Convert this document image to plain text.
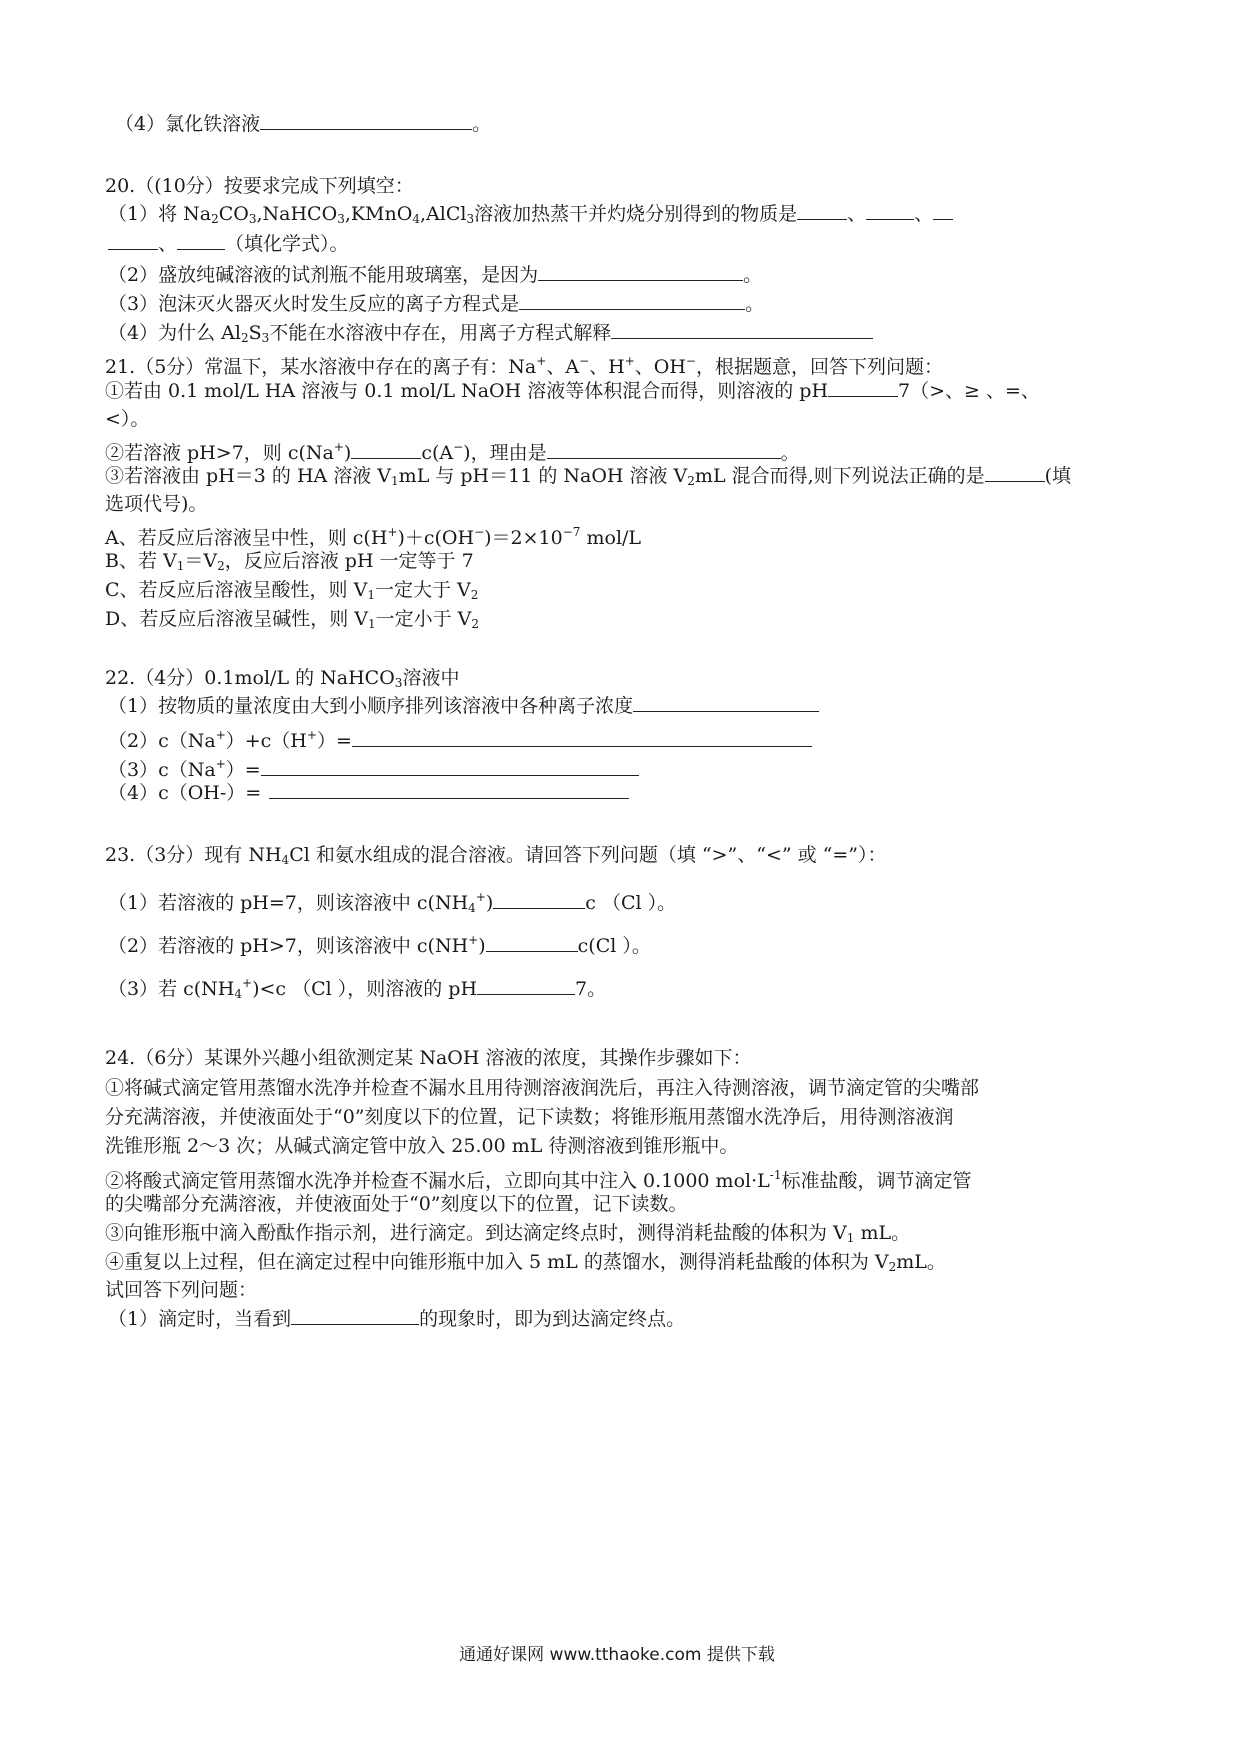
（4）氯化铁溶液	。
20.（(10分）按要求完成下列填空：
（1）将 $Na_2CO_3,NaHCO_3,KMnO_4,AlCl_3$溶液加热蒸干并灼烧分别得到的物质是	、	、
、	（填化学式）。
（2）盛放纯碱溶液的试剂瓶不能用玻璃塞，是因为	。
（3）泡沫灭火器灭火时发生反应的离子方程式是	。
（4）为什么 $Al_2S_3$不能在水溶液中存在，用离子方程式解释
21.（5分）常温下，某水溶液中存在的离子有：Na+、A−、H+、OH−，根据题意，回答下列问题：
①若由 0.1 mol/L HA 溶液与 0.1 mol/L NaOH 溶液等体积混合而得，则溶液的 pH	7（>、≥ 、=、
<）。
②若溶液 pH>7，则 c(Na+)	c(A−)，理由是	。
③若溶液由 pH＝3 的 HA 溶液 $V_1mL$ 与 pH＝11 的 NaOH 溶液 $V_2mL$ 混合而得,则下列说法正确的是	(填
选项代号)。
A、若反应后溶液呈中性，则 $c(H^+)+c(OH^-)=2\times 10^{-7}$ mol/L
B、若 $V_1=V_2$，反应后溶液 pH 一定等于 7
C、若反应后溶液呈酸性，则 $V_1$一定大于 $V_2$
D、若反应后溶液呈碱性，则 $V_1$一定小于 $V_2$
22.（4分）0.1mol/L 的 NaHCO$_3$溶液中
（1）按物质的量浓度由大到小顺序排列该溶液中各种离子浓度
（2）c（Na+）+c（H+）=
（3）c（Na+）=
（4）c（OH-）=
23.（3分）现有 $NH_4Cl$ 和氨水组成的混合溶液。请回答下列问题（填 “>”、“<” 或 “=”）：
（1）若溶液的 pH=7，则该溶液中 $c(NH_4^+)$	c （Cl ）。
（2）若溶液的 pH>7，则该溶液中 c(NH+)	c(Cl ）。
（3）若 $c(NH_4^+)<c$ （Cl ），则溶液的 pH	7。
24.（6分）某课外兴趣小组欲测定某 NaOH 溶液的浓度，其操作步骤如下：
①将碱式滴定管用蒸馏水洗净并检查不漏水且用待测溶液润洗后，再注入待测溶液，调节滴定管的尖嘴部
分充满溶液，并使液面处于“0”刻度以下的位置，记下读数；将锥形瓶用蒸馏水洗净后，用待测溶液润
洗锥形瓶 2～3 次；从碱式滴定管中放入 25.00 mL 待测溶液到锥形瓶中。
②将酸式滴定管用蒸馏水洗净并检查不漏水后，立即向其中注入 0.1000 $mol\cdot L^{-1}$标准盐酸，调节滴定管
的尖嘴部分充满溶液，并使液面处于“0”刻度以下的位置，记下读数。
③向锥形瓶中滴入酚酞作指示剂，进行滴定。到达滴定终点时，测得消耗盐酸的体积为 $V_1$ mL。
④重复以上过程，但在滴定过程中向锥形瓶中加入 5 mL 的蒸馏水，测得消耗盐酸的体积为 $V_2mL$。
试回答下列问题：
（1）滴定时，当看到	的现象时，即为到达滴定终点。
通通好课网 www.tthaoke.com 提供下载
